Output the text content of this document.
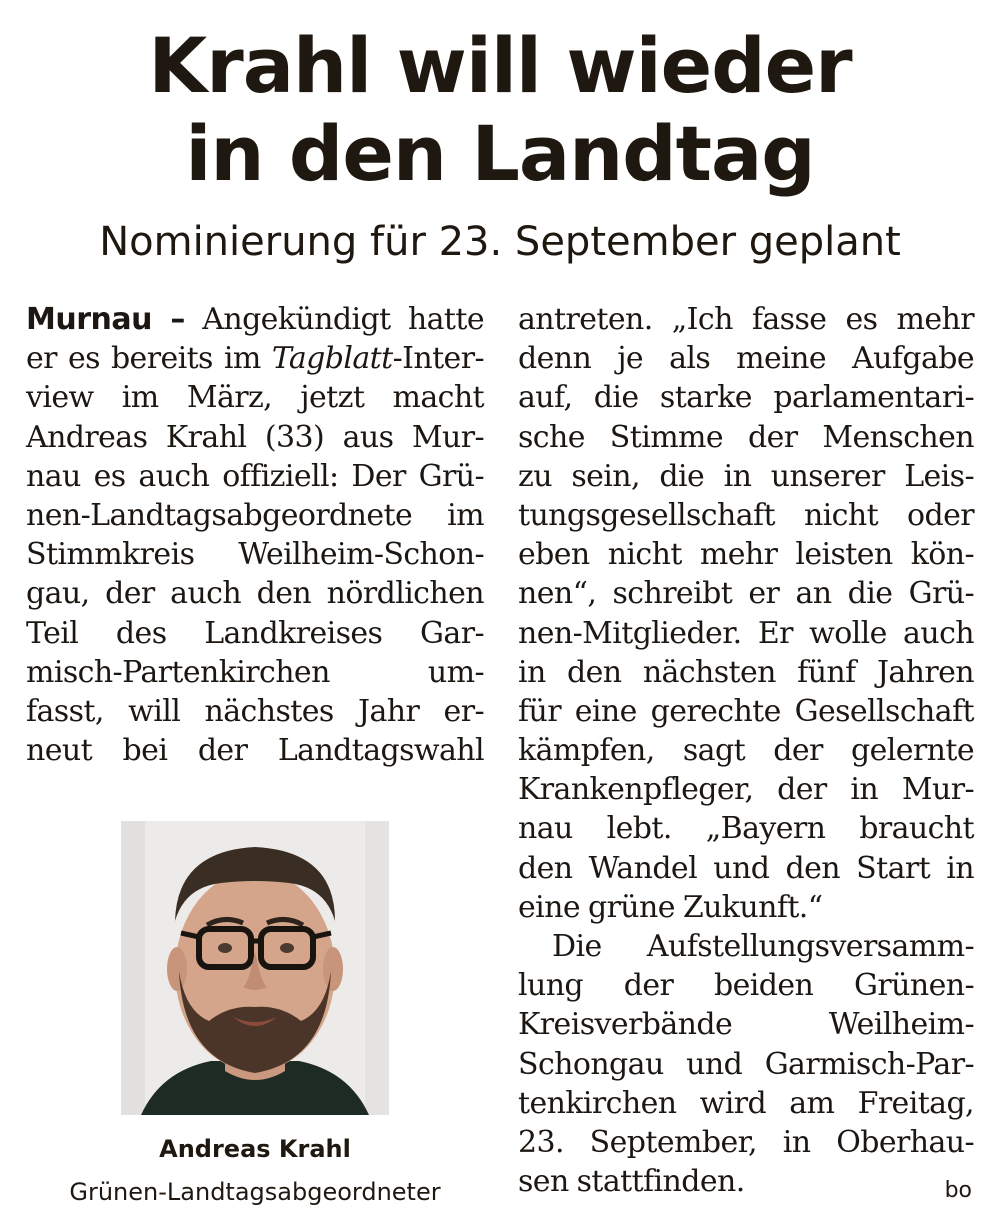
Krahl will wieder
in den Landtag
Nominierung für 23. September geplant
Murnau – Angekündigt hatte
er es bereits im Tagblatt-Inter-
view im März, jetzt macht
Andreas Krahl (33) aus Mur-
nau es auch offiziell: Der Grü-
nen-Landtagsabgeordnete im
Stimmkreis Weilheim-Schon-
gau, der auch den nördlichen
Teil des Landkreises Gar-
misch-Partenkirchen um-
fasst, will nächstes Jahr er-
neut bei der Landtagswahl
Andreas Krahl
Grünen-Landtagsabgeordneter
antreten. „Ich fasse es mehr
denn je als meine Aufgabe
auf, die starke parlamentari-
sche Stimme der Menschen
zu sein, die in unserer Leis-
tungsgesellschaft nicht oder
eben nicht mehr leisten kön-
nen“, schreibt er an die Grü-
nen-Mitglieder. Er wolle auch
in den nächsten fünf Jahren
für eine gerechte Gesellschaft
kämpfen, sagt der gelernte
Krankenpfleger, der in Mur-
nau lebt. „Bayern braucht
den Wandel und den Start in
eine grüne Zukunft.“
Die Aufstellungsversamm-
lung der beiden Grünen-
Kreisverbände Weilheim-
Schongau und Garmisch-Par-
tenkirchen wird am Freitag,
23. September, in Oberhau-
sen stattfinden.	bo
